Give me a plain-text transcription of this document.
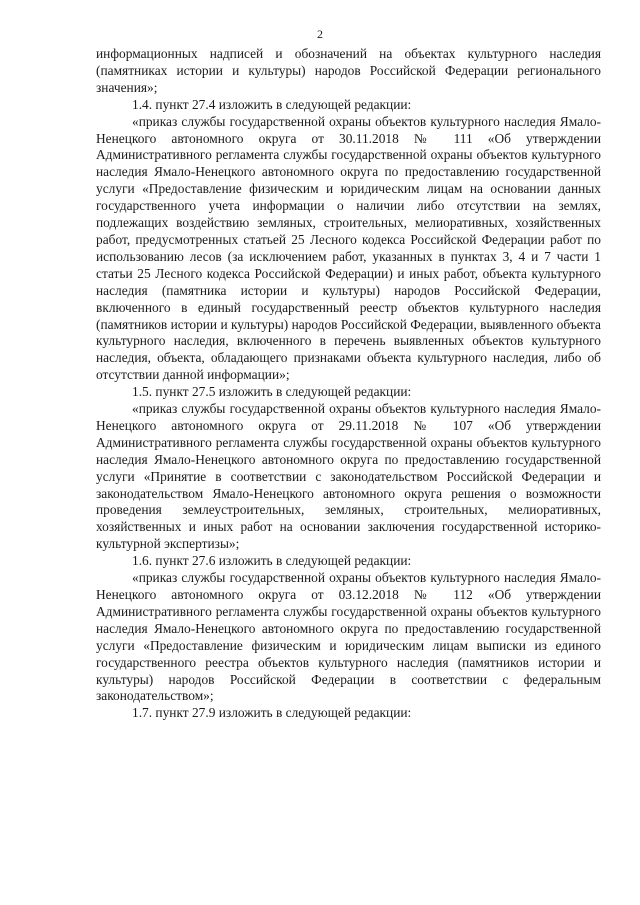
2

информационных надписей и обозначений на объектах культурного наследия (памятниках истории и культуры) народов Российской Федерации регионального значения»;

1.4. пункт 27.4 изложить в следующей редакции:

«приказ службы государственной охраны объектов культурного наследия Ямало-Ненецкого автономного округа от 30.11.2018 № 111 «Об утверждении Административного регламента службы государственной охраны объектов культурного наследия Ямало-Ненецкого автономного округа по предоставлению государственной услуги «Предоставление физическим и юридическим лицам на основании данных государственного учета информации о наличии либо отсутствии на землях, подлежащих воздействию земляных, строительных, мелиоративных, хозяйственных работ, предусмотренных статьей 25 Лесного кодекса Российской Федерации работ по использованию лесов (за исключением работ, указанных в пунктах 3, 4 и 7 части 1 статьи 25 Лесного кодекса Российской Федерации) и иных работ, объекта культурного наследия (памятника истории и культуры) народов Российской Федерации, включенного в единый государственный реестр объектов культурного наследия (памятников истории и культуры) народов Российской Федерации, выявленного объекта культурного наследия, включенного в перечень выявленных объектов культурного наследия, объекта, обладающего признаками объекта культурного наследия, либо об отсутствии данной информации»;

1.5. пункт 27.5 изложить в следующей редакции:

«приказ службы государственной охраны объектов культурного наследия Ямало-Ненецкого автономного округа от 29.11.2018 № 107 «Об утверждении Административного регламента службы государственной охраны объектов культурного наследия Ямало-Ненецкого автономного округа по предоставлению государственной услуги «Принятие в соответствии с законодательством Российской Федерации и законодательством Ямало-Ненецкого автономного округа решения о возможности проведения землеустроительных, земляных, строительных, мелиоративных, хозяйственных и иных работ на основании заключения государственной историко-культурной экспертизы»;

1.6. пункт 27.6 изложить в следующей редакции:

«приказ службы государственной охраны объектов культурного наследия Ямало-Ненецкого автономного округа от 03.12.2018 № 112 «Об утверждении Административного регламента службы государственной охраны объектов культурного наследия Ямало-Ненецкого автономного округа по предоставлению государственной услуги «Предоставление физическим и юридическим лицам выписки из единого государственного реестра объектов культурного наследия (памятников истории и культуры) народов Российской Федерации в соответствии с федеральным законодательством»;

1.7. пункт 27.9 изложить в следующей редакции:
